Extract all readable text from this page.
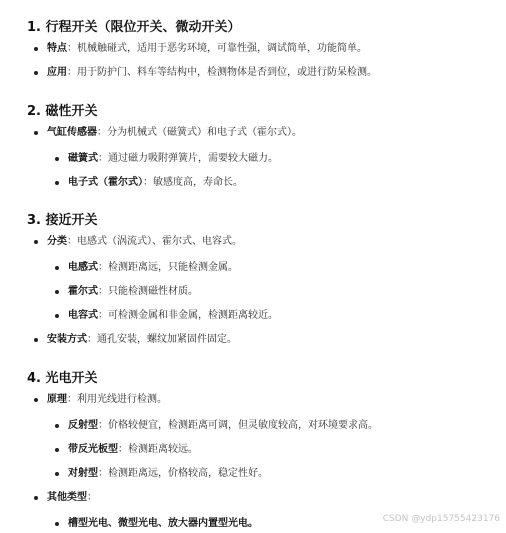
1. 行程开关（限位开关、微动开关）
特点：机械触碰式，适用于恶劣环境，可靠性强，调试简单，功能简单。
应用：用于防护门、料车等结构中，检测物体是否到位，或进行防呆检测。
2. 磁性开关
气缸传感器：分为机械式（磁簧式）和电子式（霍尔式）。
磁簧式：通过磁力吸附弹簧片，需要较大磁力。
电子式（霍尔式）：敏感度高，寿命长。
3. 接近开关
分类：电感式（涡流式）、霍尔式、电容式。
电感式：检测距离远，只能检测金属。
霍尔式：只能检测磁性材质。
电容式：可检测金属和非金属，检测距离较近。
安装方式：通孔安装，螺纹加紧固件固定。
4. 光电开关
原理：利用光线进行检测。
反射型：价格较便宜，检测距离可调，但灵敏度较高，对环境要求高。
带反光板型：检测距离较远。
对射型：检测距离远，价格较高，稳定性好。
其他类型：
槽型光电、微型光电、放大器内置型光电。	CSDN @ydp15755423176
